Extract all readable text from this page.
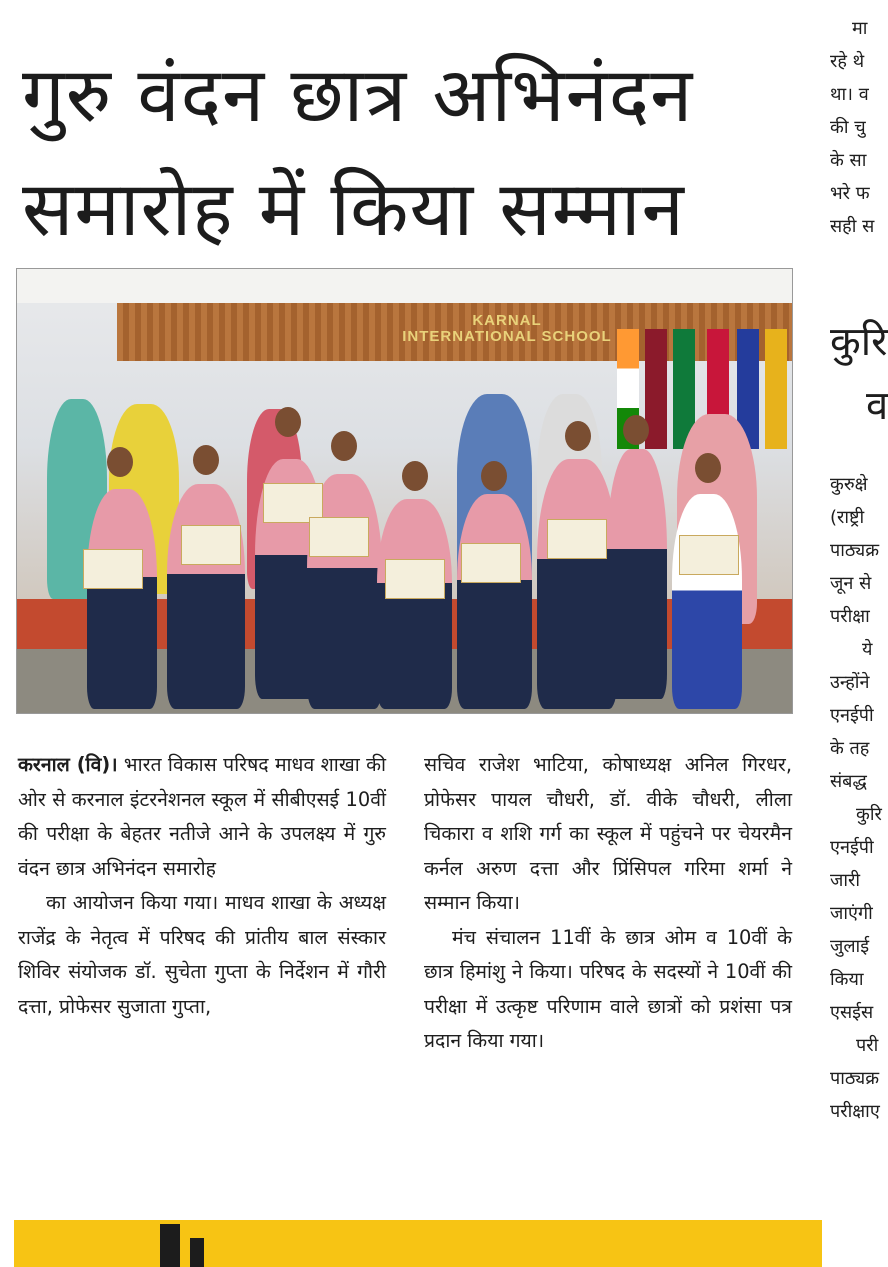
गुरु वंदन छात्र अभिनंदन
समारोह में किया सम्मान
KARNAL
INTERNATIONAL SCHOOL

करनाल (वि)। भारत विकास परिषद माधव शाखा की ओर से करनाल इंटरनेशनल स्कूल में सीबीएसई 10वीं की परीक्षा के बेहतर नतीजे आने के उपलक्ष्य में गुरु वंदन छात्र अभिनंदन समारोह

का आयोजन किया गया। माधव शाखा के अध्यक्ष राजेंद्र के नेतृत्व में परिषद की प्रांतीय बाल संस्कार शिविर संयोजक डॉ. सुचेता गुप्ता के निर्देशन में गौरी दत्ता, प्रोफेसर सुजाता गुप्ता,

सचिव राजेश भाटिया, कोषाध्यक्ष अनिल गिरधर, प्रोफेसर पायल चौधरी, डॉ. वीके चौधरी, लीला चिकारा व शशि गर्ग का स्कूल में पहुंचने पर चेयरमैन कर्नल अरुण दत्ता और प्रिंसिपल गरिमा शर्मा ने सम्मान किया।

मंच संचालन 11वीं के छात्र ओम व 10वीं के छात्र हिमांशु ने किया। परिषद के सदस्यों ने 10वीं की परीक्षा में उत्कृष्ट परिणाम वाले छात्रों को प्रशंसा पत्र प्रदान किया गया।

मा
रहे थे
था। व
की चु
के सा
भरे फ
सही स
कुरि
व
कुरुक्षे
(राष्ट्री
पाठ्यक्र
जून से
परीक्षा
ये
उन्होंने
एनईपी
के तह
संबद्ध
कुरि
एनईपी
जारी
जाएंगी
जुलाई
किया
एसईस
परी
पाठ्यक्र
परीक्षाए
